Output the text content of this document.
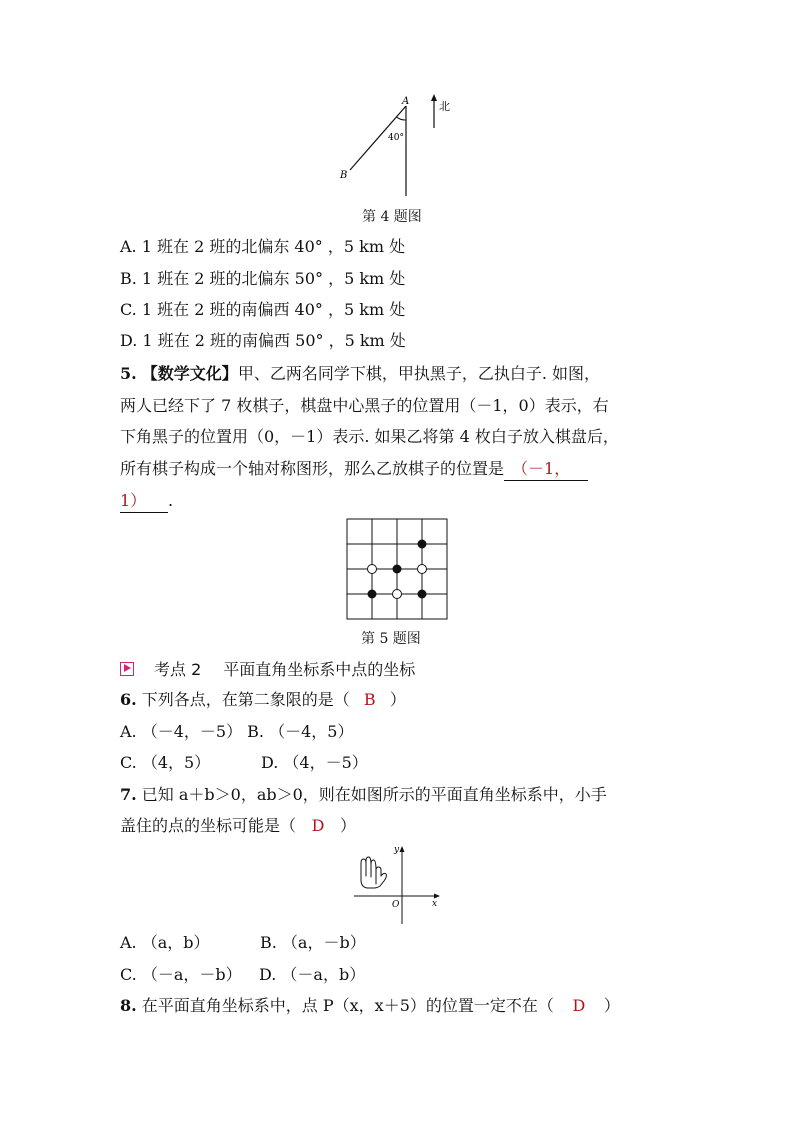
A
B
40°
北
第 4 题图
A. 1 班在 2 班的北偏东 40° ，5 km 处
B. 1 班在 2 班的北偏东 50° ，5 km 处
C. 1 班在 2 班的南偏西 40° ，5 km 处
D. 1 班在 2 班的南偏西 50° ，5 km 处
5. 【数学文化】甲、乙两名同学下棋，甲执黑子，乙执白子. 如图，
两人已经下了 7 枚棋子，棋盘中心黑子的位置用（－1，0）表示，右
下角黑子的位置用（0，－1）表示. 如果乙将第 4 枚白子放入棋盘后，
所有棋子构成一个轴对称图形，那么乙放棋子的位置是 （－1，
1） .
第 5 题图
考点 2 平面直角坐标系中点的坐标
6. 下列各点，在第二象限的是（ B ）
A. （－4，－5） B. （－4，5）
C. （4，5）	D. （4，－5）
7. 已知 a＋b＞0，ab＞0，则在如图所示的平面直角坐标系中，小手
盖住的点的坐标可能是（ D ）
y
x
O
A. （a，b）	B. （a，－b）
C. （－a，－b） D. （－a，b）
8. 在平面直角坐标系中，点 P（x，x＋5）的位置一定不在（ D ）
